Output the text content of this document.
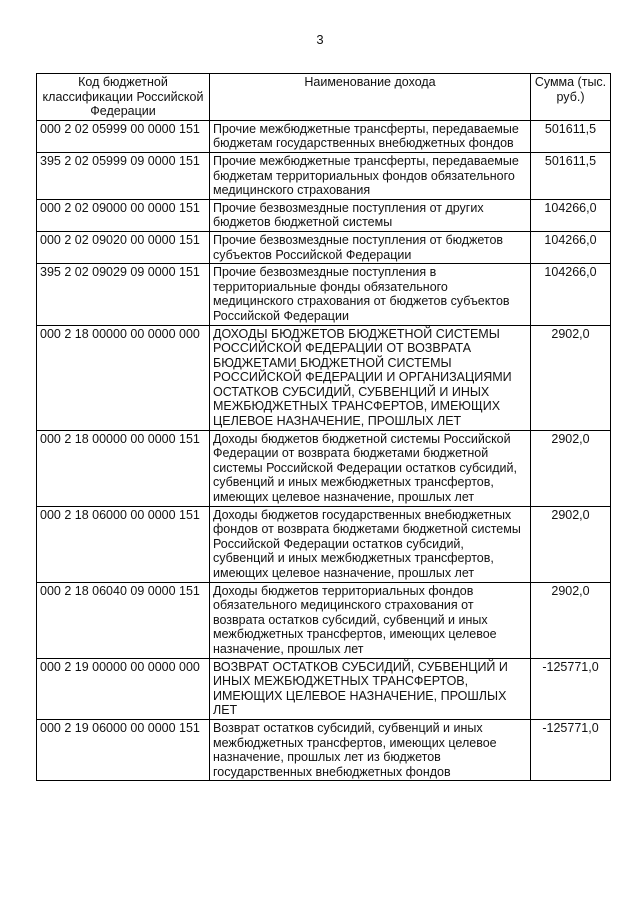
3
Код бюджетной классификации Российской Федерации	Наименование дохода	Сумма (тыс. руб.)
000 2 02 05999 00 0000 151	Прочие межбюджетные трансферты, передаваемые бюджетам государственных внебюджетных фондов	501611,5
395 2 02 05999 09 0000 151	Прочие межбюджетные трансферты, передаваемые бюджетам территориальных фондов обязательного медицинского страхования	501611,5
000 2 02 09000 00 0000 151	Прочие безвозмездные поступления от других бюджетов бюджетной системы	104266,0
000 2 02 09020 00 0000 151	Прочие безвозмездные поступления от бюджетов субъектов Российской Федерации	104266,0
395 2 02 09029 09 0000 151	Прочие безвозмездные поступления в территориальные фонды обязательного медицинского страхования от бюджетов субъектов Российской Федерации	104266,0
000 2 18 00000 00 0000 000	ДОХОДЫ БЮДЖЕТОВ БЮДЖЕТНОЙ СИСТЕМЫ РОССИЙСКОЙ ФЕДЕРАЦИИ ОТ ВОЗВРАТА БЮДЖЕТАМИ БЮДЖЕТНОЙ СИСТЕМЫ РОССИЙСКОЙ ФЕДЕРАЦИИ И ОРГАНИЗАЦИЯМИ ОСТАТКОВ СУБСИДИЙ, СУБВЕНЦИЙ И ИНЫХ МЕЖБЮДЖЕТНЫХ ТРАНСФЕРТОВ, ИМЕЮЩИХ ЦЕЛЕВОЕ НАЗНАЧЕНИЕ, ПРОШЛЫХ ЛЕТ	2902,0
000 2 18 00000 00 0000 151	Доходы бюджетов бюджетной системы Российской Федерации от возврата бюджетами бюджетной системы Российской Федерации остатков субсидий, субвенций и иных межбюджетных трансфертов, имеющих целевое назначение, прошлых лет	2902,0
000 2 18 06000 00 0000 151	Доходы бюджетов государственных внебюджетных фондов от возврата бюджетами бюджетной системы Российской Федерации остатков субсидий, субвенций и иных межбюджетных трансфертов, имеющих целевое назначение, прошлых лет	2902,0
000 2 18 06040 09 0000 151	Доходы бюджетов территориальных фондов обязательного медицинского страхования от возврата остатков субсидий, субвенций и иных межбюджетных трансфертов, имеющих целевое назначение, прошлых лет	2902,0
000 2 19 00000 00 0000 000	ВОЗВРАТ ОСТАТКОВ СУБСИДИЙ, СУБВЕНЦИЙ И ИНЫХ МЕЖБЮДЖЕТНЫХ ТРАНСФЕРТОВ, ИМЕЮЩИХ ЦЕЛЕВОЕ НАЗНАЧЕНИЕ, ПРОШЛЫХ ЛЕТ	-125771,0
000 2 19 06000 00 0000 151	Возврат остатков субсидий, субвенций и иных межбюджетных трансфертов, имеющих целевое назначение, прошлых лет из бюджетов государственных внебюджетных фондов	-125771,0
